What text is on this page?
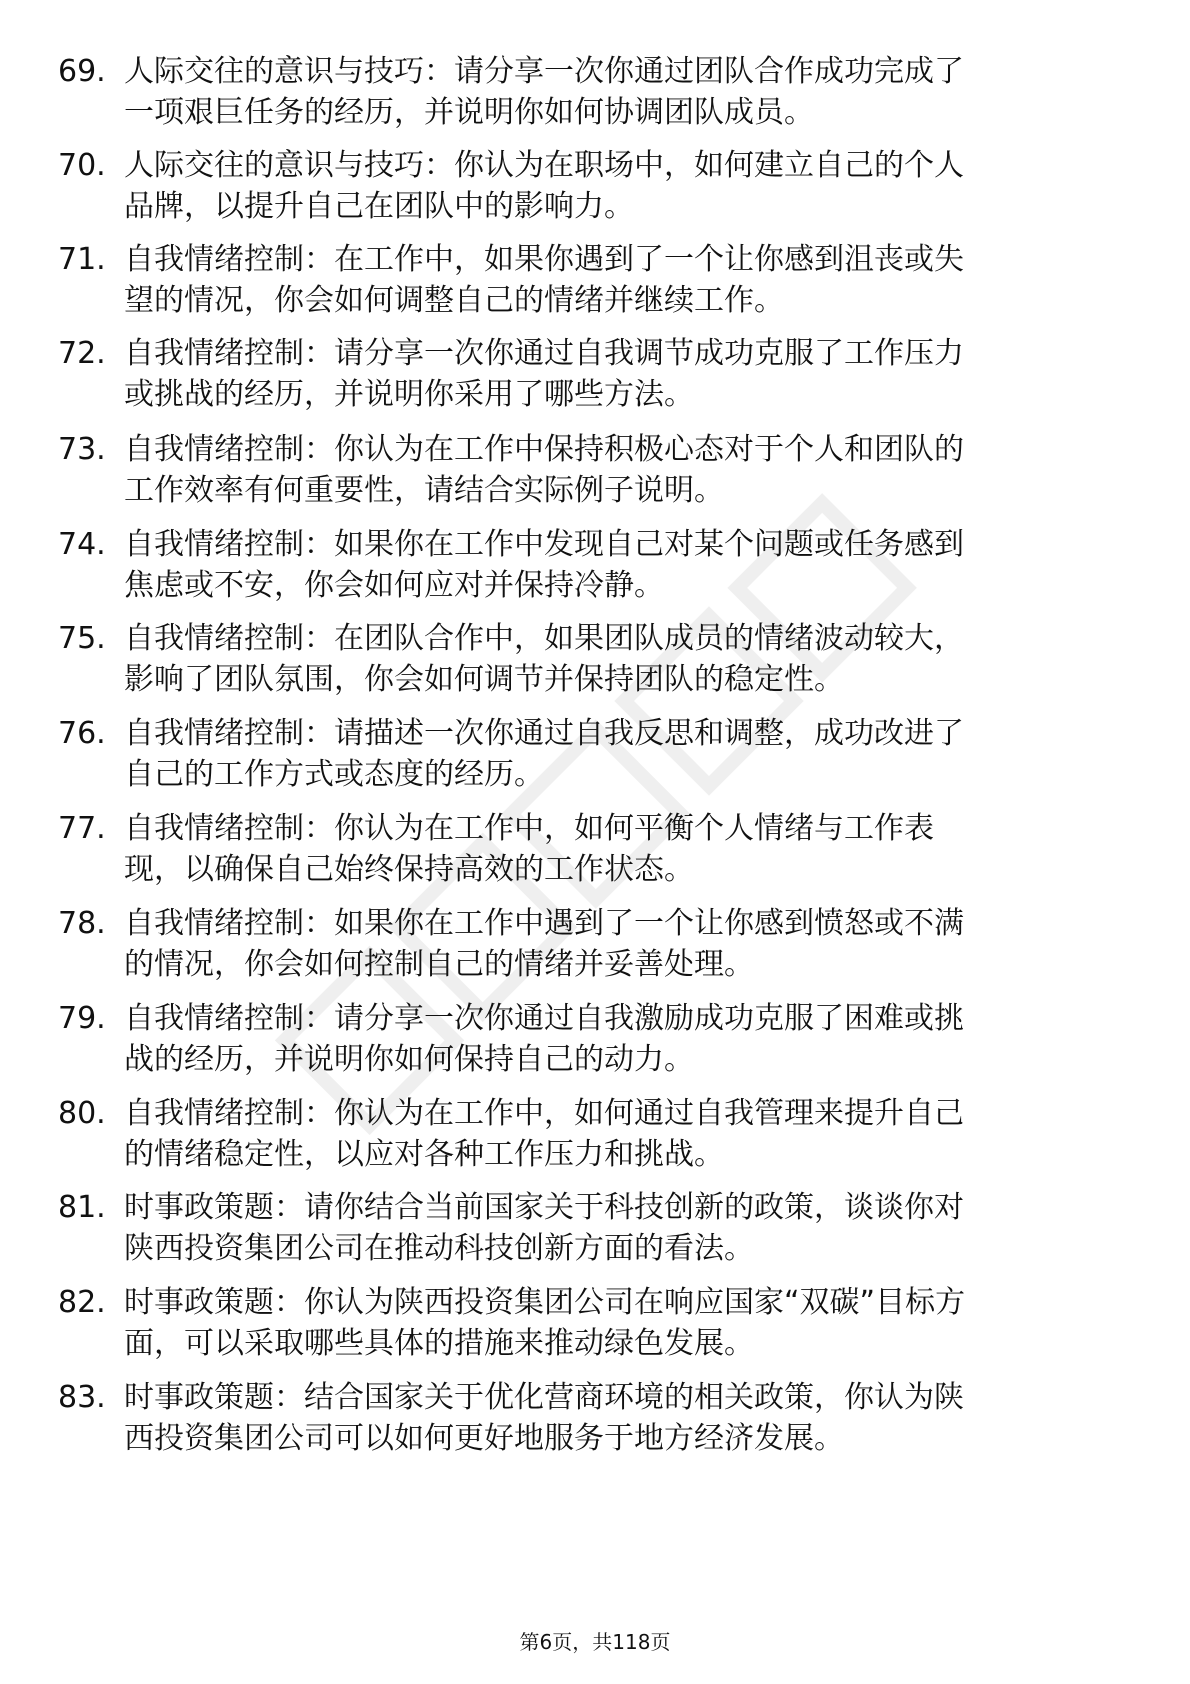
69. 人际交往的意识与技巧：请分享一次你通过团队合作成功完成了
一项艰巨任务的经历，并说明你如何协调团队成员。
70. 人际交往的意识与技巧：你认为在职场中，如何建立自己的个人
品牌，以提升自己在团队中的影响力。
71. 自我情绪控制：在工作中，如果你遇到了一个让你感到沮丧或失
望的情况，你会如何调整自己的情绪并继续工作。
72. 自我情绪控制：请分享一次你通过自我调节成功克服了工作压力
或挑战的经历，并说明你采用了哪些方法。
73. 自我情绪控制：你认为在工作中保持积极心态对于个人和团队的
工作效率有何重要性，请结合实际例子说明。
74. 自我情绪控制：如果你在工作中发现自己对某个问题或任务感到
焦虑或不安，你会如何应对并保持冷静。
75. 自我情绪控制：在团队合作中，如果团队成员的情绪波动较大，
影响了团队氛围，你会如何调节并保持团队的稳定性。
76. 自我情绪控制：请描述一次你通过自我反思和调整，成功改进了
自己的工作方式或态度的经历。
77. 自我情绪控制：你认为在工作中，如何平衡个人情绪与工作表
现，以确保自己始终保持高效的工作状态。
78. 自我情绪控制：如果你在工作中遇到了一个让你感到愤怒或不满
的情况，你会如何控制自己的情绪并妥善处理。
79. 自我情绪控制：请分享一次你通过自我激励成功克服了困难或挑
战的经历，并说明你如何保持自己的动力。
80. 自我情绪控制：你认为在工作中，如何通过自我管理来提升自己
的情绪稳定性，以应对各种工作压力和挑战。
81. 时事政策题：请你结合当前国家关于科技创新的政策，谈谈你对
陕西投资集团公司在推动科技创新方面的看法。
82. 时事政策题：你认为陕西投资集团公司在响应国家“双碳”目标方
面，可以采取哪些具体的措施来推动绿色发展。
83. 时事政策题：结合国家关于优化营商环境的相关政策，你认为陕
西投资集团公司可以如何更好地服务于地方经济发展。
第6页，共118页
